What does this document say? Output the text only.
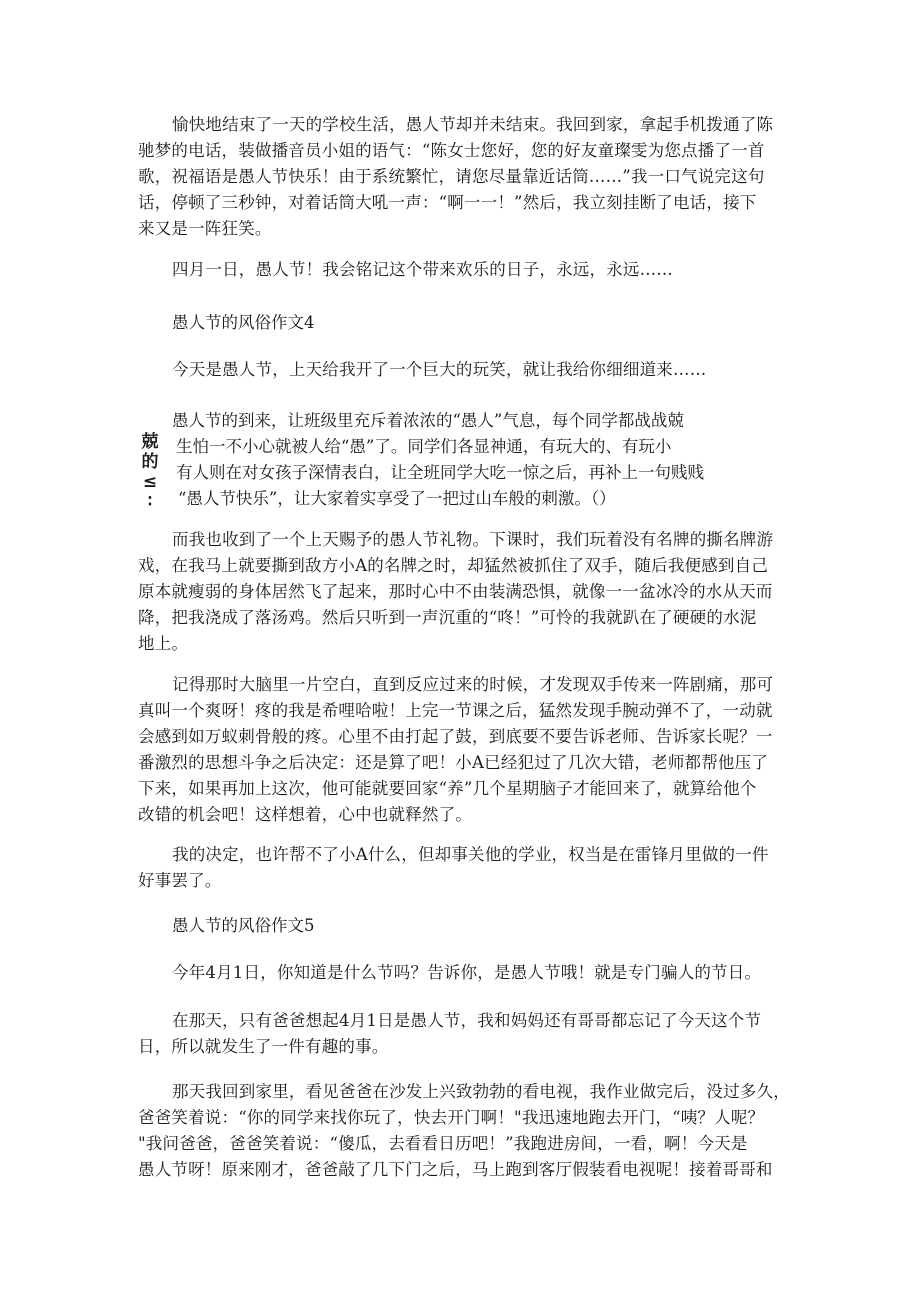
愉快地结束了一天的学校生活，愚人节却并未结束。我回到家，拿起手机拨通了陈
驰梦的电话，装做播音员小姐的语气：“陈女士您好，您的好友童璨雯为您点播了一首
歌，祝福语是愚人节快乐！由于系统繁忙，请您尽量靠近话筒……”我一口气说完这句
话，停顿了三秒钟，对着话筒大吼一声：“啊一一！”然后，我立刻挂断了电话，接下
来又是一阵狂笑。
四月一日，愚人节！我会铭记这个带来欢乐的日子，永远，永远……
愚人节的风俗作文4
今天是愚人节，上天给我开了一个巨大的玩笑，就让我给你细细道来……
兢
的
≤
∶
愚人节的到来，让班级里充斥着浓浓的“愚人”气息，每个同学都战战兢
生怕一不小心就被人给“愚”了。同学们各显神通，有玩大的、有玩小
有人则在对女孩子深情表白，让全班同学大吃一惊之后，再补上一句贱贱
“愚人节快乐”，让大家着实享受了一把过山车般的刺激。（）
而我也收到了一个上天赐予的愚人节礼物。下课时，我们玩着没有名牌的撕名牌游
戏，在我马上就要撕到敌方小A的名牌之时，却猛然被抓住了双手，随后我便感到自己
原本就瘦弱的身体居然飞了起来，那时心中不由装满恐惧，就像一一盆冰冷的水从天而
降，把我浇成了落汤鸡。然后只听到一声沉重的“咚！”可怜的我就趴在了硬硬的水泥
地上。
记得那时大脑里一片空白，直到反应过来的时候，才发现双手传来一阵剧痛，那可
真叫一个爽呀！疼的我是希哩哈啦！上完一节课之后，猛然发现手腕动弹不了，一动就
会感到如万蚁刺骨般的疼。心里不由打起了鼓，到底要不要告诉老师、告诉家长呢？一
番激烈的思想斗争之后决定：还是算了吧！小A已经犯过了几次大错，老师都帮他压了
下来，如果再加上这次，他可能就要回家“养”几个星期脑子才能回来了，就算给他个
改错的机会吧！这样想着，心中也就释然了。
我的决定，也许帮不了小A什么，但却事关他的学业，权当是在雷锋月里做的一件
好事罢了。
愚人节的风俗作文5
今年4月1日，你知道是什么节吗？告诉你，是愚人节哦！就是专门骗人的节日。
在那天，只有爸爸想起4月1日是愚人节，我和妈妈还有哥哥都忘记了今天这个节
日，所以就发生了一件有趣的事。
那天我回到家里，看见爸爸在沙发上兴致勃勃的看电视，我作业做完后，没过多久，
爸爸笑着说：“你的同学来找你玩了，快去开门啊！"我迅速地跑去开门，“咦？人呢？
"我问爸爸，爸爸笑着说：“傻瓜，去看看日历吧！”我跑进房间，一看，啊！今天是
愚人节呀！原来刚才，爸爸敲了几下门之后，马上跑到客厅假装看电视呢！接着哥哥和
